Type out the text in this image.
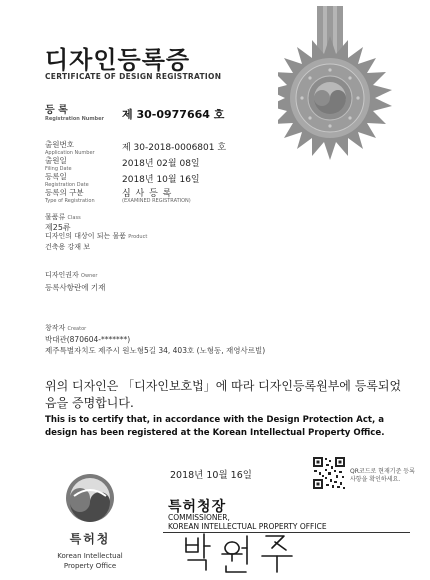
디자인등록증
CERTIFICATE OF DESIGN REGISTRATION
등 록
Registration Number 제 30-0977664 호
출원번호
Application Number	제 30-2018-0006801 호
출원일
Filing Date	2018년 02월 08일
등록일
Registration Date	2018년 10월 16일
등록의 구분
Type of Registration
심 사 등 록
(EXAMINED REGISTRATION)
물품류 Class
제25류
디자인의 대상이 되는 물품 Product
건축용 강재 보
디자인권자 Owner
등록사항란에 기재
창작자 Creator
박대관(870604-*******)
제주특별자치도 제주시 원노형5길 34, 403호 (노형동, 재영사르빌)
위의 디자인은 「디자인보호법」에 따라 디자인등록원부에 등록되었음을 증명합니다.
This is to certify that, in accordance with the Design Protection Act, a design has been registered at the Korean Intellectual Property Office.
2018년 10월 16일	QR코드로 현재기준 등록사항을 확인하세요.
특허청장
COMMISSIONER,
KOREAN INTELLECTUAL PROPERTY OFFICE
특허청
Korean Intellectual
Property Office
